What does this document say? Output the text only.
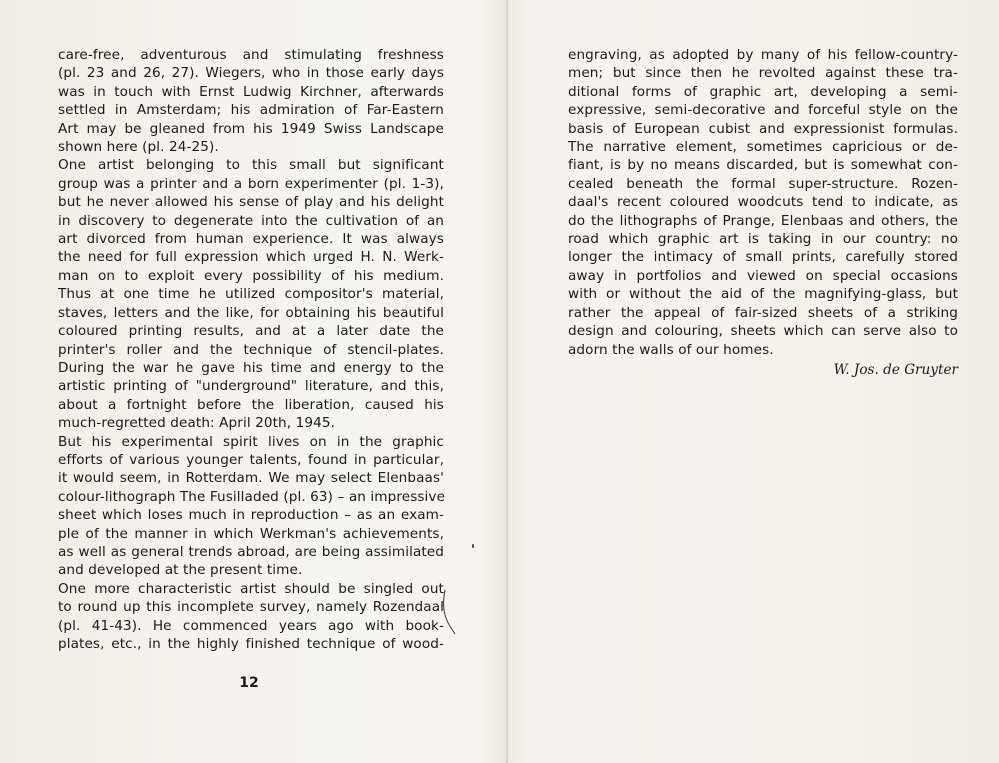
care-free, adventurous and stimulating freshness
(pl. 23 and 26, 27). Wiegers, who in those early days
was in touch with Ernst Ludwig Kirchner, afterwards
settled in Amsterdam; his admiration of Far-Eastern
Art may be gleaned from his 1949 Swiss Landscape
shown here (pl. 24-25).
One artist belonging to this small but significant
group was a printer and a born experimenter (pl. 1-3),
but he never allowed his sense of play and his delight
in discovery to degenerate into the cultivation of an
art divorced from human experience. It was always
the need for full expression which urged H. N. Werk-
man on to exploit every possibility of his medium.
Thus at one time he utilized compositor's material,
staves, letters and the like, for obtaining his beautiful
coloured printing results, and at a later date the
printer's roller and the technique of stencil-plates.
During the war he gave his time and energy to the
artistic printing of "underground" literature, and this,
about a fortnight before the liberation, caused his
much-regretted death: April 20th, 1945.
But his experimental spirit lives on in the graphic
efforts of various younger talents, found in particular,
it would seem, in Rotterdam. We may select Elenbaas'
colour-lithograph The Fusilladed (pl. 63) – an impressive
sheet which loses much in reproduction – as an exam-
ple of the manner in which Werkman's achievements,
as well as general trends abroad, are being assimilated
and developed at the present time.
One more characteristic artist should be singled out
to round up this incomplete survey, namely Rozendaal
(pl. 41-43). He commenced years ago with book-
plates, etc., in the highly finished technique of wood-
12
engraving, as adopted by many of his fellow-country-
men; but since then he revolted against these tra-
ditional forms of graphic art, developing a semi-
expressive, semi-decorative and forceful style on the
basis of European cubist and expressionist formulas.
The narrative element, sometimes capricious or de-
fiant, is by no means discarded, but is somewhat con-
cealed beneath the formal super-structure. Rozen-
daal's recent coloured woodcuts tend to indicate, as
do the lithographs of Prange, Elenbaas and others, the
road which graphic art is taking in our country: no
longer the intimacy of small prints, carefully stored
away in portfolios and viewed on special occasions
with or without the aid of the magnifying-glass, but
rather the appeal of fair-sized sheets of a striking
design and colouring, sheets which can serve also to
adorn the walls of our homes.
W. Jos. de Gruyter
